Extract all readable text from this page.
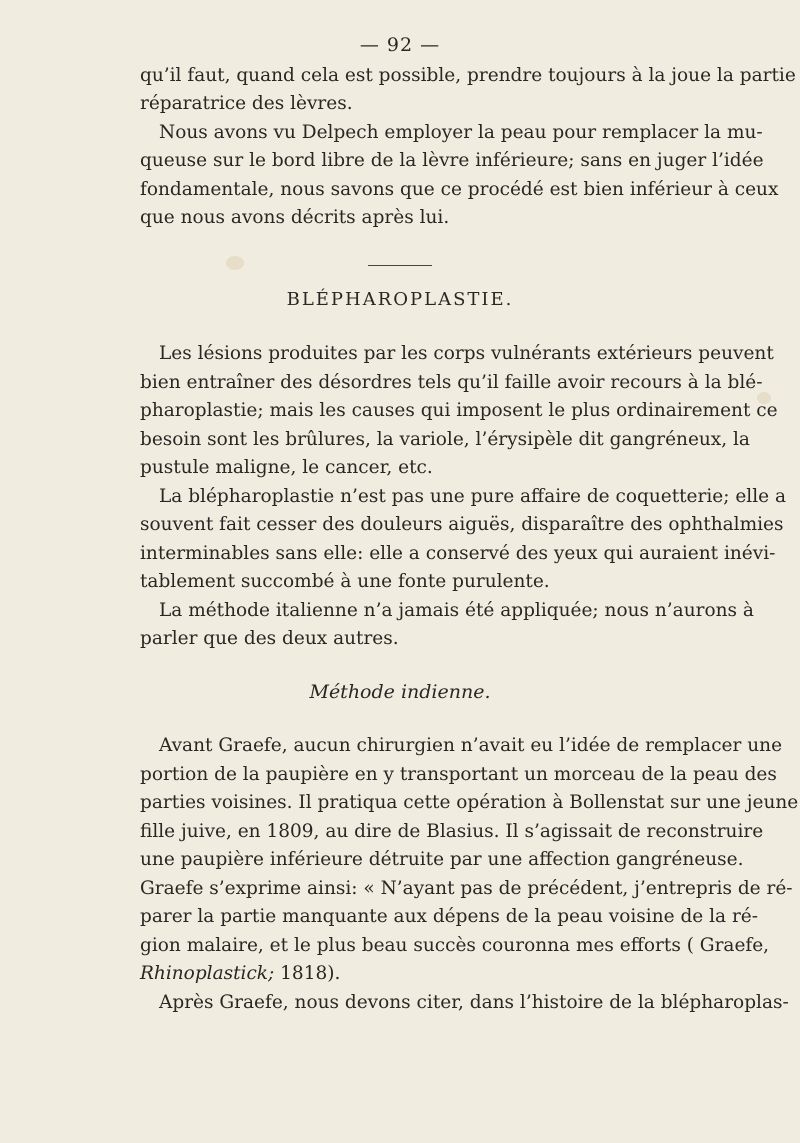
— 92 —
qu’il faut, quand cela est possible, prendre toujours à la joue la partie
réparatrice des lèvres.
Nous avons vu Delpech employer la peau pour remplacer la mu-
queuse sur le bord libre de la lèvre inférieure; sans en juger l’idée
fondamentale, nous savons que ce procédé est bien inférieur à ceux
que nous avons décrits après lui.
BLÉPHAROPLASTIE.
Les lésions produites par les corps vulnérants extérieurs peuvent
bien entraîner des désordres tels qu’il faille avoir recours à la blé-
pharoplastie; mais les causes qui imposent le plus ordinairement ce
besoin sont les brûlures, la variole, l’érysipèle dit gangréneux, la
pustule maligne, le cancer, etc.
La blépharoplastie n’est pas une pure affaire de coquetterie; elle a
souvent fait cesser des douleurs aiguës, disparaître des ophthalmies
interminables sans elle: elle a conservé des yeux qui auraient inévi-
tablement succombé à une fonte purulente.
La méthode italienne n’a jamais été appliquée; nous n’aurons à
parler que des deux autres.
Méthode indienne.
Avant Graefe, aucun chirurgien n’avait eu l’idée de remplacer une
portion de la paupière en y transportant un morceau de la peau des
parties voisines. Il pratiqua cette opération à Bollenstat sur une jeune
fille juive, en 1809, au dire de Blasius. Il s’agissait de reconstruire
une paupière inférieure détruite par une affection gangréneuse.
Graefe s’exprime ainsi: « N’ayant pas de précédent, j’entrepris de ré-
parer la partie manquante aux dépens de la peau voisine de la ré-
gion malaire, et le plus beau succès couronna mes efforts ( Graefe,
Rhinoplastick; 1818).
Après Graefe, nous devons citer, dans l’histoire de la blépharoplas-
